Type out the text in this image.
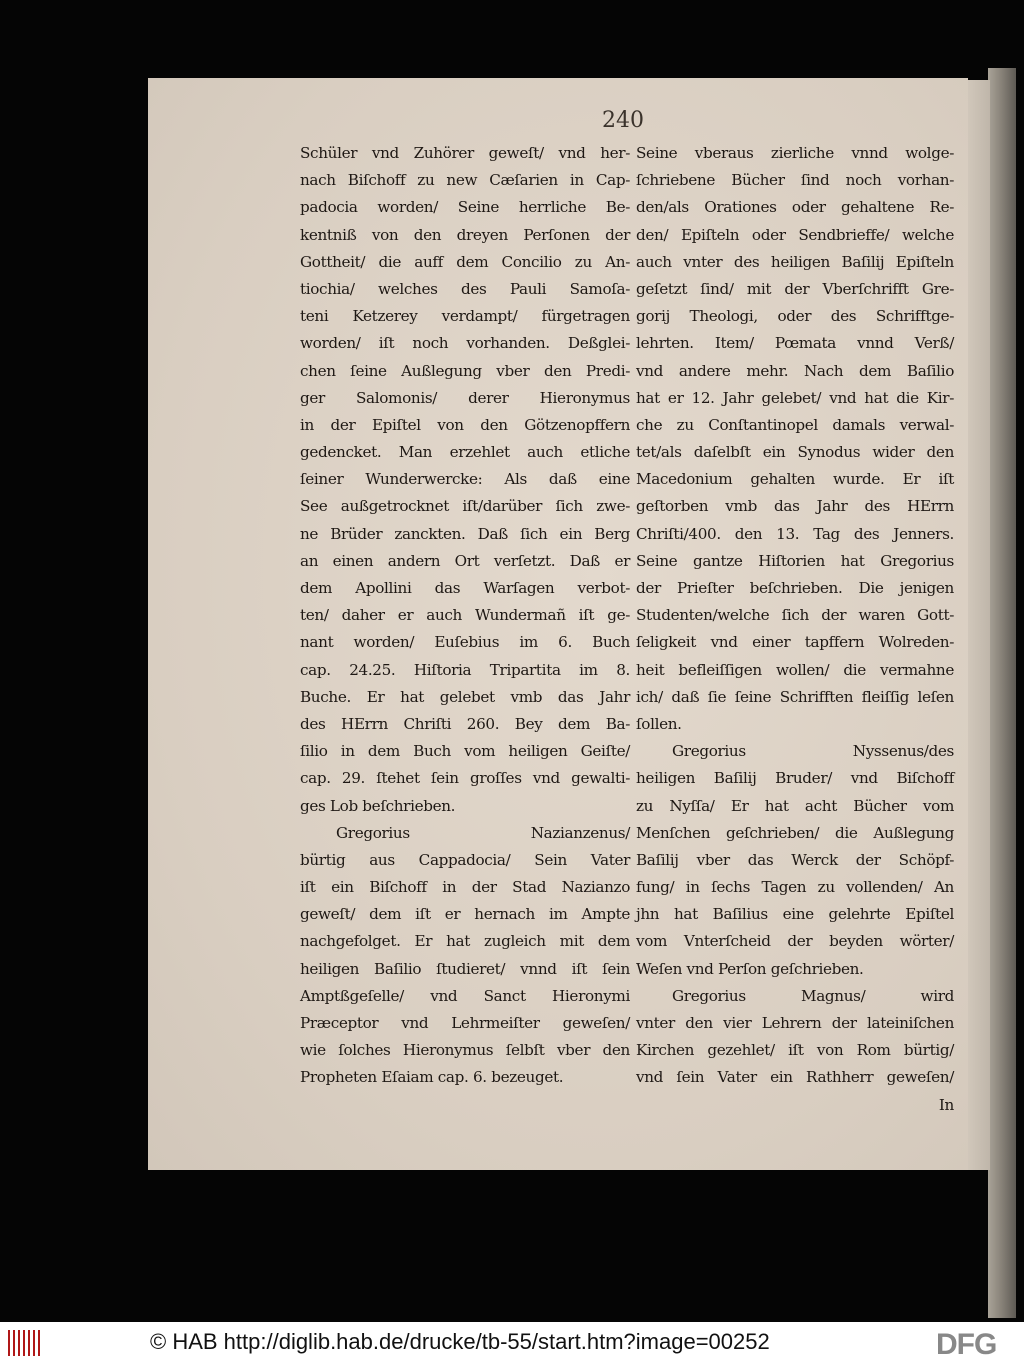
240
Schüler vnd Zuhörer geweſt/ vnd her-
nach Biſchoff zu new Cæſarien in Cap-
padocia worden/ Seine herrliche Be-
kentniß von den dreyen Perſonen der
Gottheit/ die auff dem Concilio zu An-
tiochia/ welches des Pauli Samoſa-
teni Ketzerey verdampt/ fürgetragen
worden/ iſt noch vorhanden. Deßglei-
chen ſeine Außlegung vber den Predi-
ger Salomonis/ derer Hieronymus
in der Epiſtel von den Götzenopffern
gedencket. Man erzehlet auch etliche
ſeiner Wunderwercke: Als daß eine
See außgetrocknet iſt/darüber ſich zwe-
ne Brüder zanckten. Daß ſich ein Berg
an einen andern Ort verſetzt. Daß er
dem Apollini das Warſagen verbot-
ten/ daher er auch Wundermañ iſt ge-
nant worden/ Euſebius im 6. Buch
cap. 24.25. Hiſtoria Tripartita im 8.
Buche. Er hat gelebet vmb das Jahr
des HErrn Chriſti 260. Bey dem Ba-
ſilio in dem Buch vom heiligen Geiſte/
cap. 29. ſtehet ſein groſſes vnd gewalti-
ges Lob beſchrieben.
Gregorius Nazianzenus/
bürtig aus Cappadocia/ Sein Vater
iſt ein Biſchoff in der Stad Nazianzo
geweſt/ dem iſt er hernach im Ampte
nachgefolget. Er hat zugleich mit dem
heiligen Baſilio ſtudieret/ vnnd iſt ſein
Amptßgeſelle/ vnd Sanct Hieronymi
Præceptor vnd Lehrmeiſter geweſen/
wie ſolches Hieronymus ſelbſt vber den
Propheten Eſaiam cap. 6. bezeuget.
Seine vberaus zierliche vnnd wolge-
ſchriebene Bücher ſind noch vorhan-
den/als Orationes oder gehaltene Re-
den/ Epiſteln oder Sendbrieffe/ welche
auch vnter des heiligen Baſilij Epiſteln
geſetzt ſind/ mit der Vberſchrifft Gre-
gorij Theologi, oder des Schrifftge-
lehrten. Item/ Pœmata vnnd Verß/
vnd andere mehr. Nach dem Baſilio
hat er 12. Jahr gelebet/ vnd hat die Kir-
che zu Conſtantinopel damals verwal-
tet/als daſelbſt ein Synodus wider den
Macedonium gehalten wurde. Er iſt
geſtorben vmb das Jahr des HErrn
Chriſti/400. den 13. Tag des Jenners.
Seine gantze Hiſtorien hat Gregorius
der Prieſter beſchrieben. Die jenigen
Studenten/welche ſich der waren Gott-
ſeligkeit vnd einer tapffern Wolreden-
heit befleiſſigen wollen/ die vermahne
ich/ daß ſie ſeine Schrifften fleiſſig leſen
ſollen.
Gregorius Nyssenus/des
heiligen Baſilij Bruder/ vnd Biſchoff
zu Nyſſa/ Er hat acht Bücher vom
Menſchen geſchrieben/ die Außlegung
Baſilij vber das Werck der Schöpf-
fung/ in ſechs Tagen zu vollenden/ An
jhn hat Baſilius eine gelehrte Epiſtel
vom Vnterſcheid der beyden wörter/
Weſen vnd Perſon geſchrieben.
Gregorius Magnus/ wird
vnter den vier Lehrern der lateiniſchen
Kirchen gezehlet/ iſt von Rom bürtig/
vnd ſein Vater ein Rathherr geweſen/
In
© HAB http://diglib.hab.de/drucke/tb-55/start.htm?image=00252	DFG
